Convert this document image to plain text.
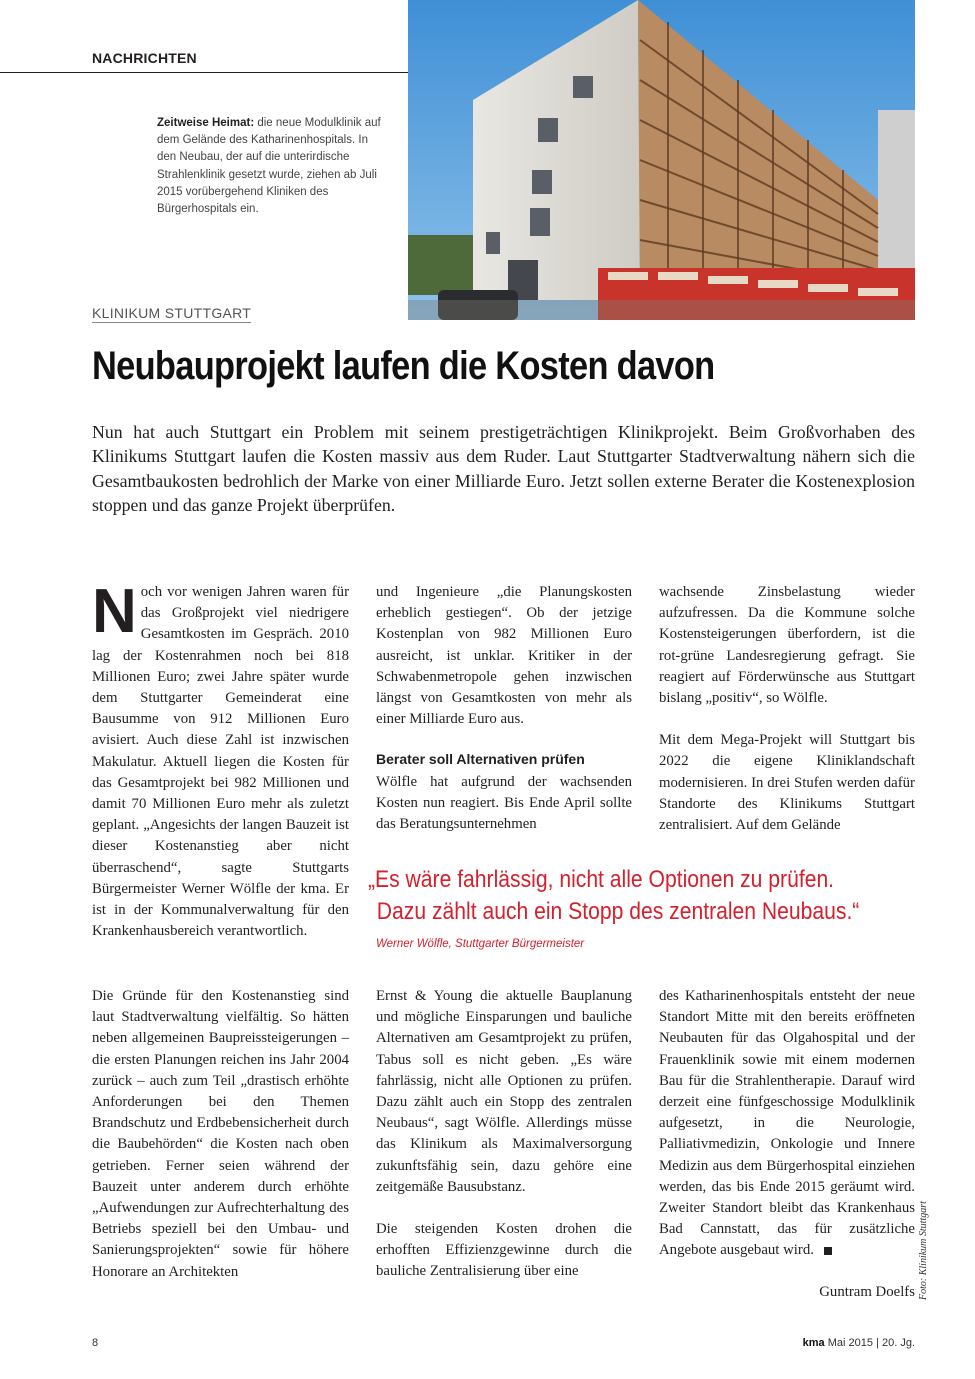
NACHRICHTEN
Zeitweise Heimat: die neue Modulklinik auf dem Gelände des Katharinenhospitals. In den Neubau, der auf die unterirdische Strahlenklinik gesetzt wurde, ziehen ab Juli 2015 vorübergehend Kliniken des Bürgerhospitals ein.
KLINIKUM STUTTGART
Neubauprojekt laufen die Kosten davon
Nun hat auch Stuttgart ein Problem mit seinem prestigeträchtigen Klinikprojekt. Beim Großvorhaben des Klinikums Stuttgart laufen die Kosten massiv aus dem Ruder. Laut Stuttgarter Stadtverwaltung nähern sich die Gesamtbaukosten bedrohlich der Marke von einer Milliarde Euro. Jetzt sollen externe Berater die Kostenexplosion stoppen und das ganze Projekt überprüfen.

Noch vor wenigen Jahren waren für das Großprojekt viel niedrigere Gesamtkosten im Gespräch. 2010 lag der Kostenrahmen noch bei 818 Millionen Euro; zwei Jahre später wurde dem Stuttgarter Gemeinderat eine Bausumme von 912 Millionen Euro avisiert. Auch diese Zahl ist inzwischen Makulatur. Aktuell liegen die Kosten für das Gesamtprojekt bei 982 Millionen und damit 70 Millionen Euro mehr als zuletzt geplant. „Angesichts der langen Bauzeit ist dieser Kostenanstieg aber nicht überraschend“, sagte Stuttgarts Bürgermeister Werner Wölfle der kma. Er ist in der Kommunalverwaltung für den Krankenhausbereich verantwortlich.

und Ingenieure „die Planungskosten erheblich gestiegen“. Ob der jetzige Kostenplan von 982 Millionen Euro ausreicht, ist unklar. Kritiker in der Schwabenmetropole gehen inzwischen längst von Gesamtkosten von mehr als einer Milliarde Euro aus.

Berater soll Alternativen prüfen
Wölfle hat aufgrund der wachsenden Kosten nun reagiert. Bis Ende April sollte das Beratungsunternehmen

wachsende Zinsbelastung wieder aufzufressen. Da die Kommune solche Kostensteigerungen überfordern, ist die rot-grüne Landesregierung gefragt. Sie reagiert auf Förderwünsche aus Stuttgart bislang „positiv“, so Wölfle.

Mit dem Mega-Projekt will Stuttgart bis 2022 die eigene Kliniklandschaft modernisieren. In drei Stufen werden dafür Standorte des Klinikums Stuttgart zentralisiert. Auf dem Gelände

„Es wäre fahrlässig, nicht alle Optionen zu prüfen.
Dazu zählt auch ein Stopp des zentralen Neubaus.“
Werner Wölfle, Stuttgarter Bürgermeister

Die Gründe für den Kostenanstieg sind laut Stadtverwaltung vielfältig. So hätten neben allgemeinen Baupreissteigerungen – die ersten Planungen reichen ins Jahr 2004 zurück – auch zum Teil „drastisch erhöhte Anforderungen bei den Themen Brandschutz und Erdbebensicherheit durch die Baubehörden“ die Kosten nach oben getrieben. Ferner seien während der Bauzeit unter anderem durch erhöhte „Aufwendungen zur Aufrechterhaltung des Betriebs speziell bei den Umbau- und Sanierungsprojekten“ sowie für höhere Honorare an Architekten

Ernst & Young die aktuelle Bauplanung und mögliche Einsparungen und bauliche Alternativen am Gesamtprojekt zu prüfen, Tabus soll es nicht geben. „Es wäre fahrlässig, nicht alle Optionen zu prüfen. Dazu zählt auch ein Stopp des zentralen Neubaus“, sagt Wölfle. Allerdings müsse das Klinikum als Maximalversorgung zukunftsfähig sein, dazu gehöre eine zeitgemäße Bausubstanz.

Die steigenden Kosten drohen die erhofften Effizienzgewinne durch die bauliche Zentralisierung über eine

des Katharinenhospitals entsteht der neue Standort Mitte mit den bereits eröffneten Neubauten für das Olgahospital und der Frauenklinik sowie mit einem modernen Bau für die Strahlentherapie. Darauf wird derzeit eine fünfgeschossige Modulklinik aufgesetzt, in die Neurologie, Palliativmedizin, Onkologie und Innere Medizin aus dem Bürgerhospital einziehen werden, das bis Ende 2015 geräumt wird. Zweiter Standort bleibt das Krankenhaus Bad Cannstatt, das für zusätzliche Angebote ausgebaut wird.

Guntram Doelfs Foto: Klinikum Stuttgart
8	kma Mai 2015 | 20. Jg.
